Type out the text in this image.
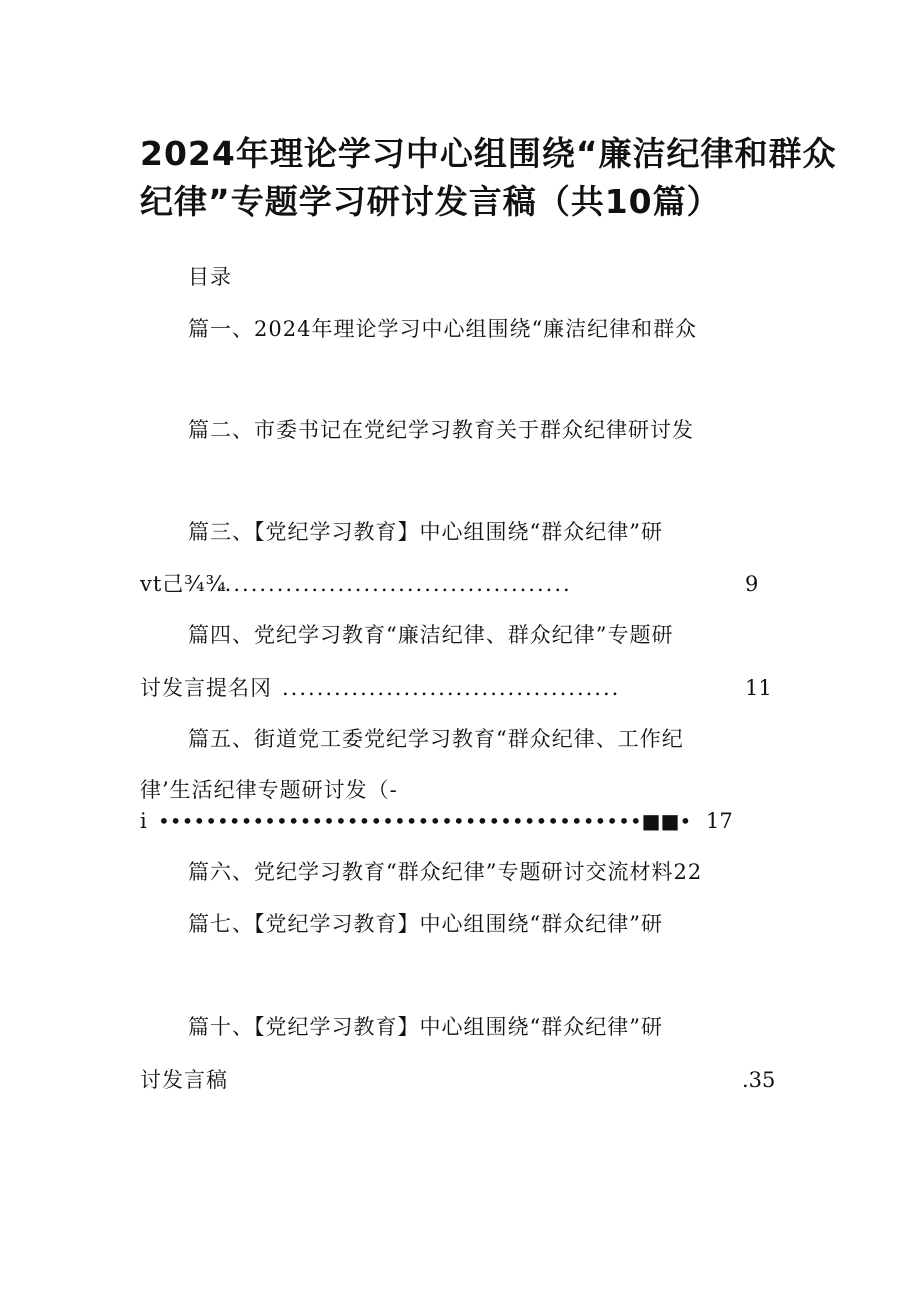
2024年理论学习中心组围绕“廉洁纪律和群众
纪律”专题学习研讨发言稿（共10篇）
目录
篇一、2024年理论学习中心组围绕“廉洁纪律和群众
篇二、市委书记在党纪学习教育关于群众纪律研讨发
篇三、【党纪学习教育】中心组围绕“群众纪律”研
vt己¾¾
.........................................	9
篇四、党纪学习教育“廉洁纪律、群众纪律”专题研
讨发言提名冈 .......................................	11
篇五、街道党工委党纪学习教育“群众纪律、工作纪
律’生活纪律专题研讨发（-
i •••••••••••••••••••••••••••••••••••••••••■■• 17
篇六、党纪学习教育“群众纪律”专题研讨交流材料22
篇七、【党纪学习教育】中心组围绕“群众纪律”研
篇十、【党纪学习教育】中心组围绕“群众纪律”研
讨发言稿	.35
